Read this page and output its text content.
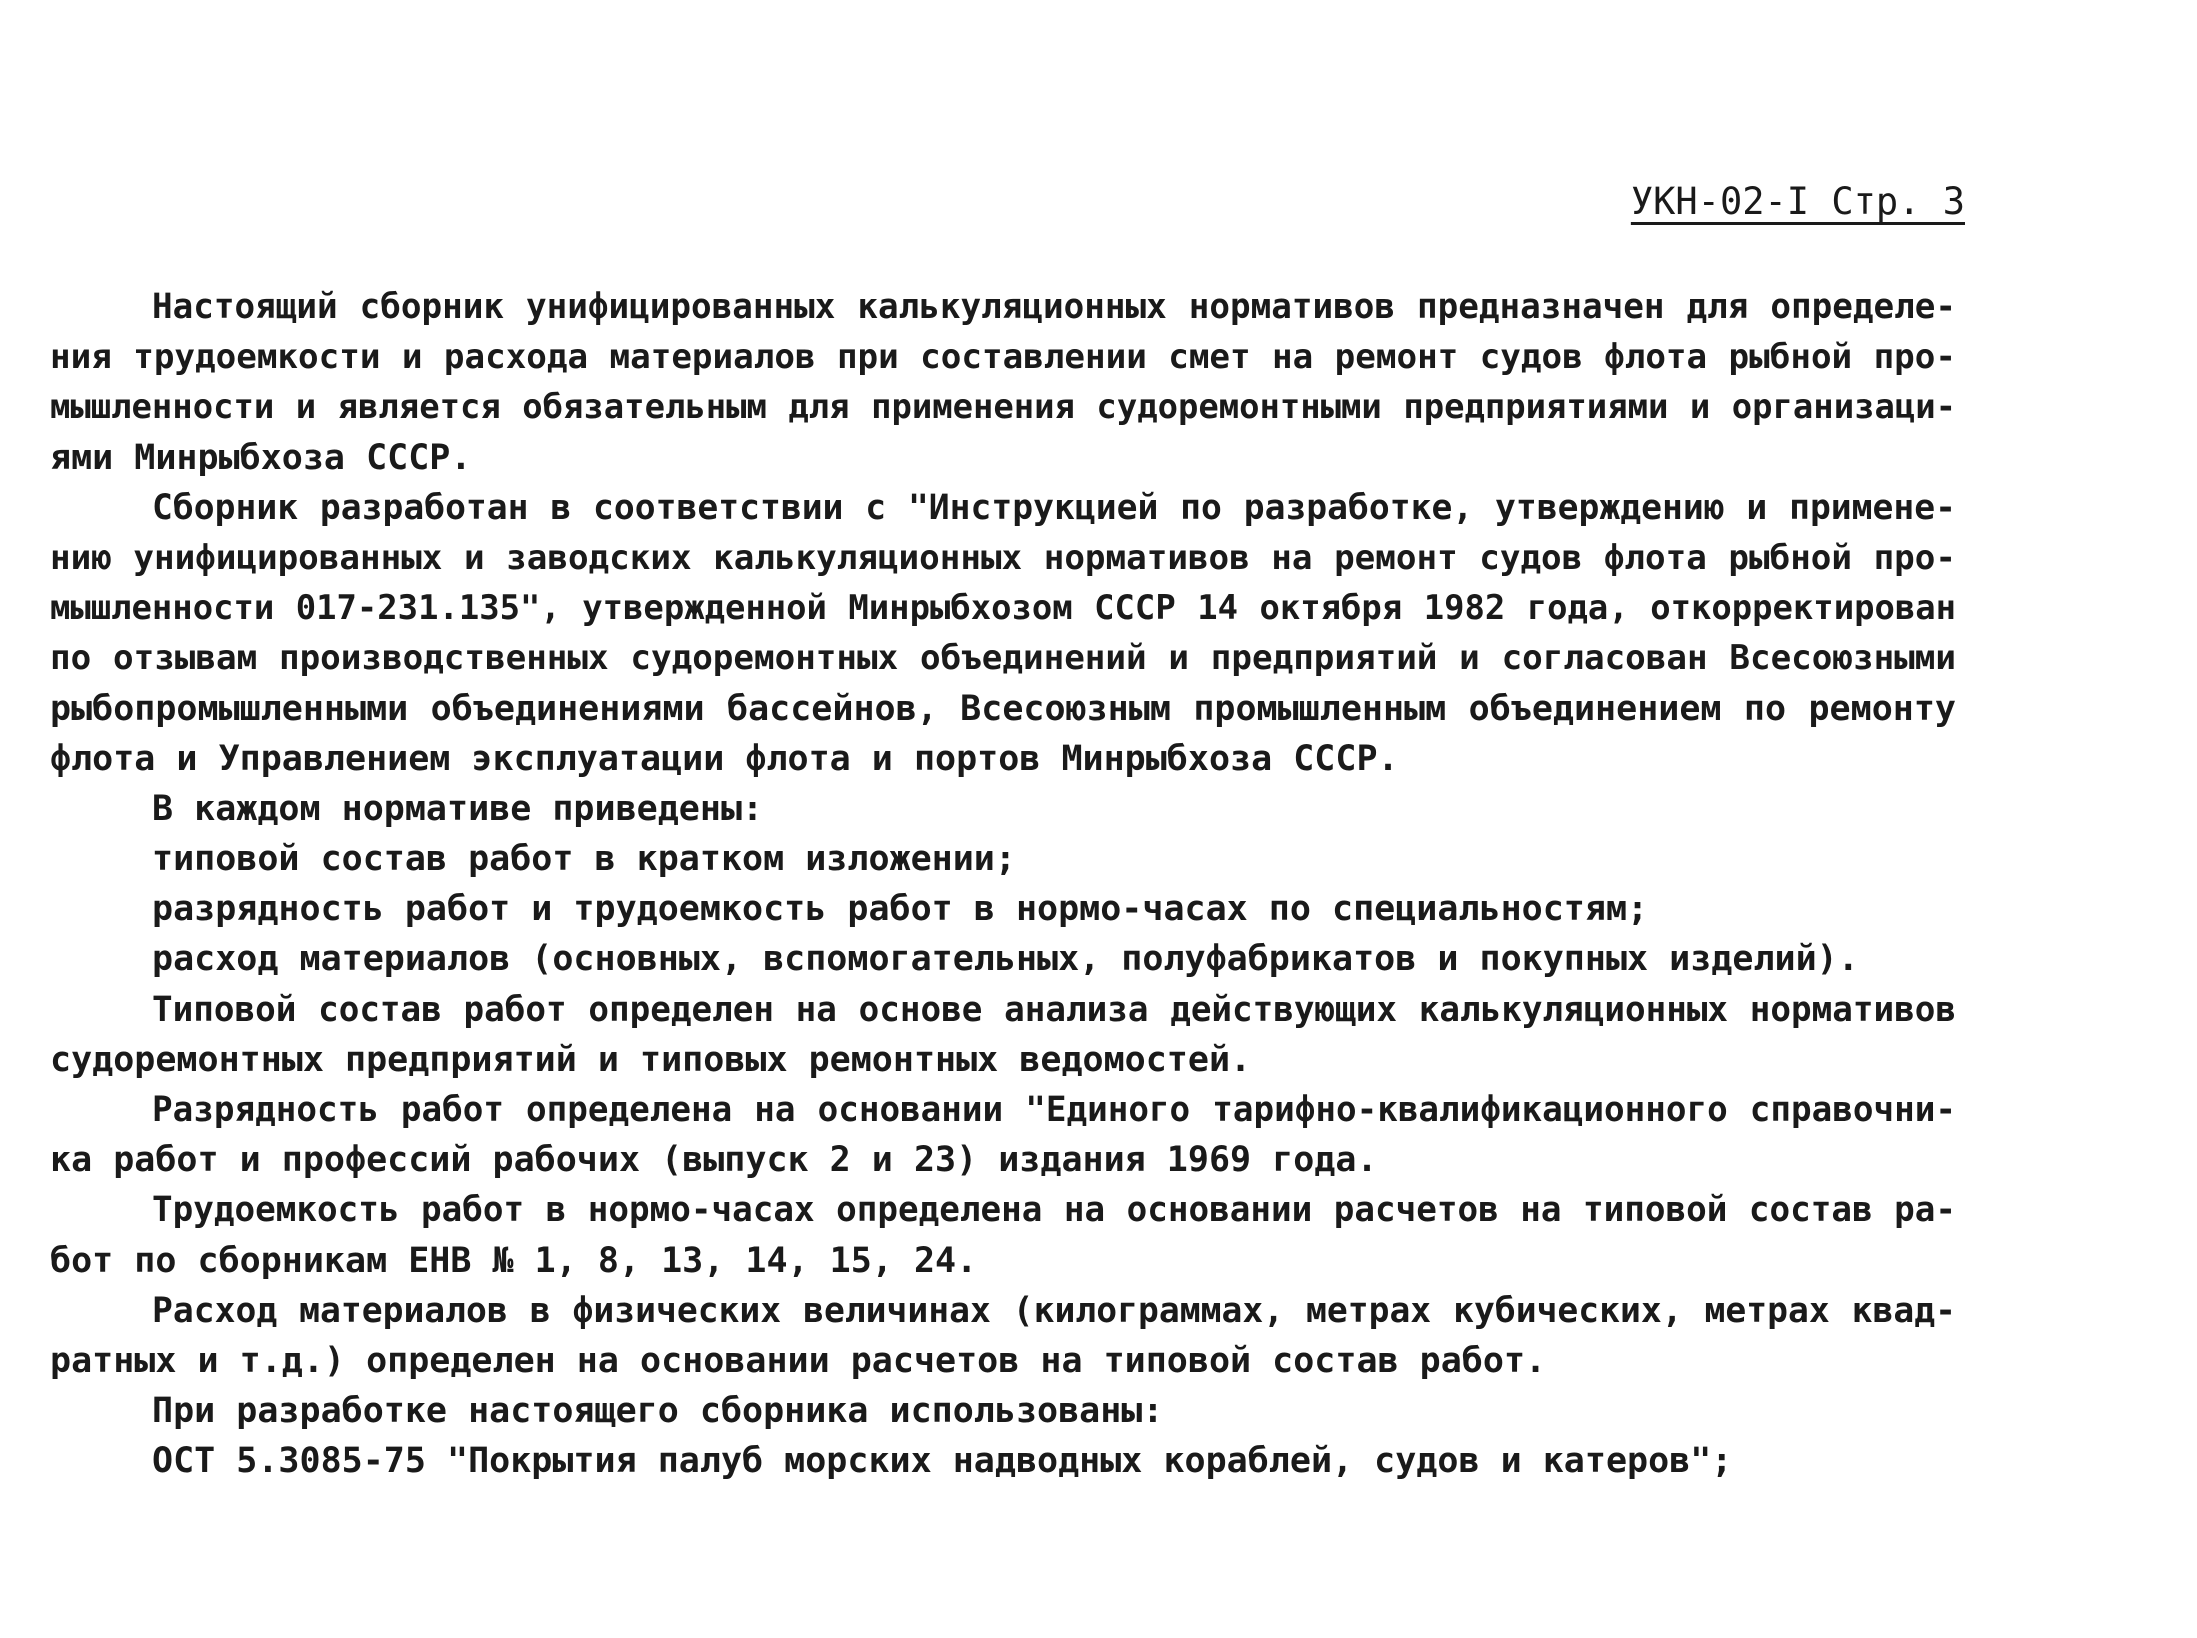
УКН-02-I Стр. 3
Настоящий сборник унифицированных калькуляционных нормативов предназначен для определе-
ния трудоемкости и расхода материалов при составлении смет на ремонт судов флота рыбной про-
мышленности и является обязательным для применения судоремонтными предприятиями и организаци-
ями Минрыбхоза СССР.
Сборник разработан в соответствии с "Инструкцией по разработке, утверждению и примене-
нию унифицированных и заводских калькуляционных нормативов на ремонт судов флота рыбной про-
мышленности 017-231.135", утвержденной Минрыбхозом СССР 14 октября 1982 года, откорректирован
по отзывам производственных судоремонтных объединений и предприятий и согласован Всесоюзными
рыбопромышленными объединениями бассейнов, Всесоюзным промышленным объединением по ремонту
флота и Управлением эксплуатации флота и портов Минрыбхоза СССР.
В каждом нормативе приведены:
типовой состав работ в кратком изложении;
разрядность работ и трудоемкость работ в нормо-часах по специальностям;
расход материалов (основных, вспомогательных, полуфабрикатов и покупных изделий).
Типовой состав работ определен на основе анализа действующих калькуляционных нормативов
судоремонтных предприятий и типовых ремонтных ведомостей.
Разрядность работ определена на основании "Единого тарифно-квалификационного справочни-
ка работ и профессий рабочих (выпуск 2 и 23) издания 1969 года.
Трудоемкость работ в нормо-часах определена на основании расчетов на типовой состав ра-
бот по сборникам ЕНВ № 1, 8, 13, 14, 15, 24.
Расход материалов в физических величинах (килограммах, метрах кубических, метрах квад-
ратных и т.д.) определен на основании расчетов на типовой состав работ.
При разработке настоящего сборника использованы:
ОСТ 5.3085-75 "Покрытия палуб морских надводных кораблей, судов и катеров";
